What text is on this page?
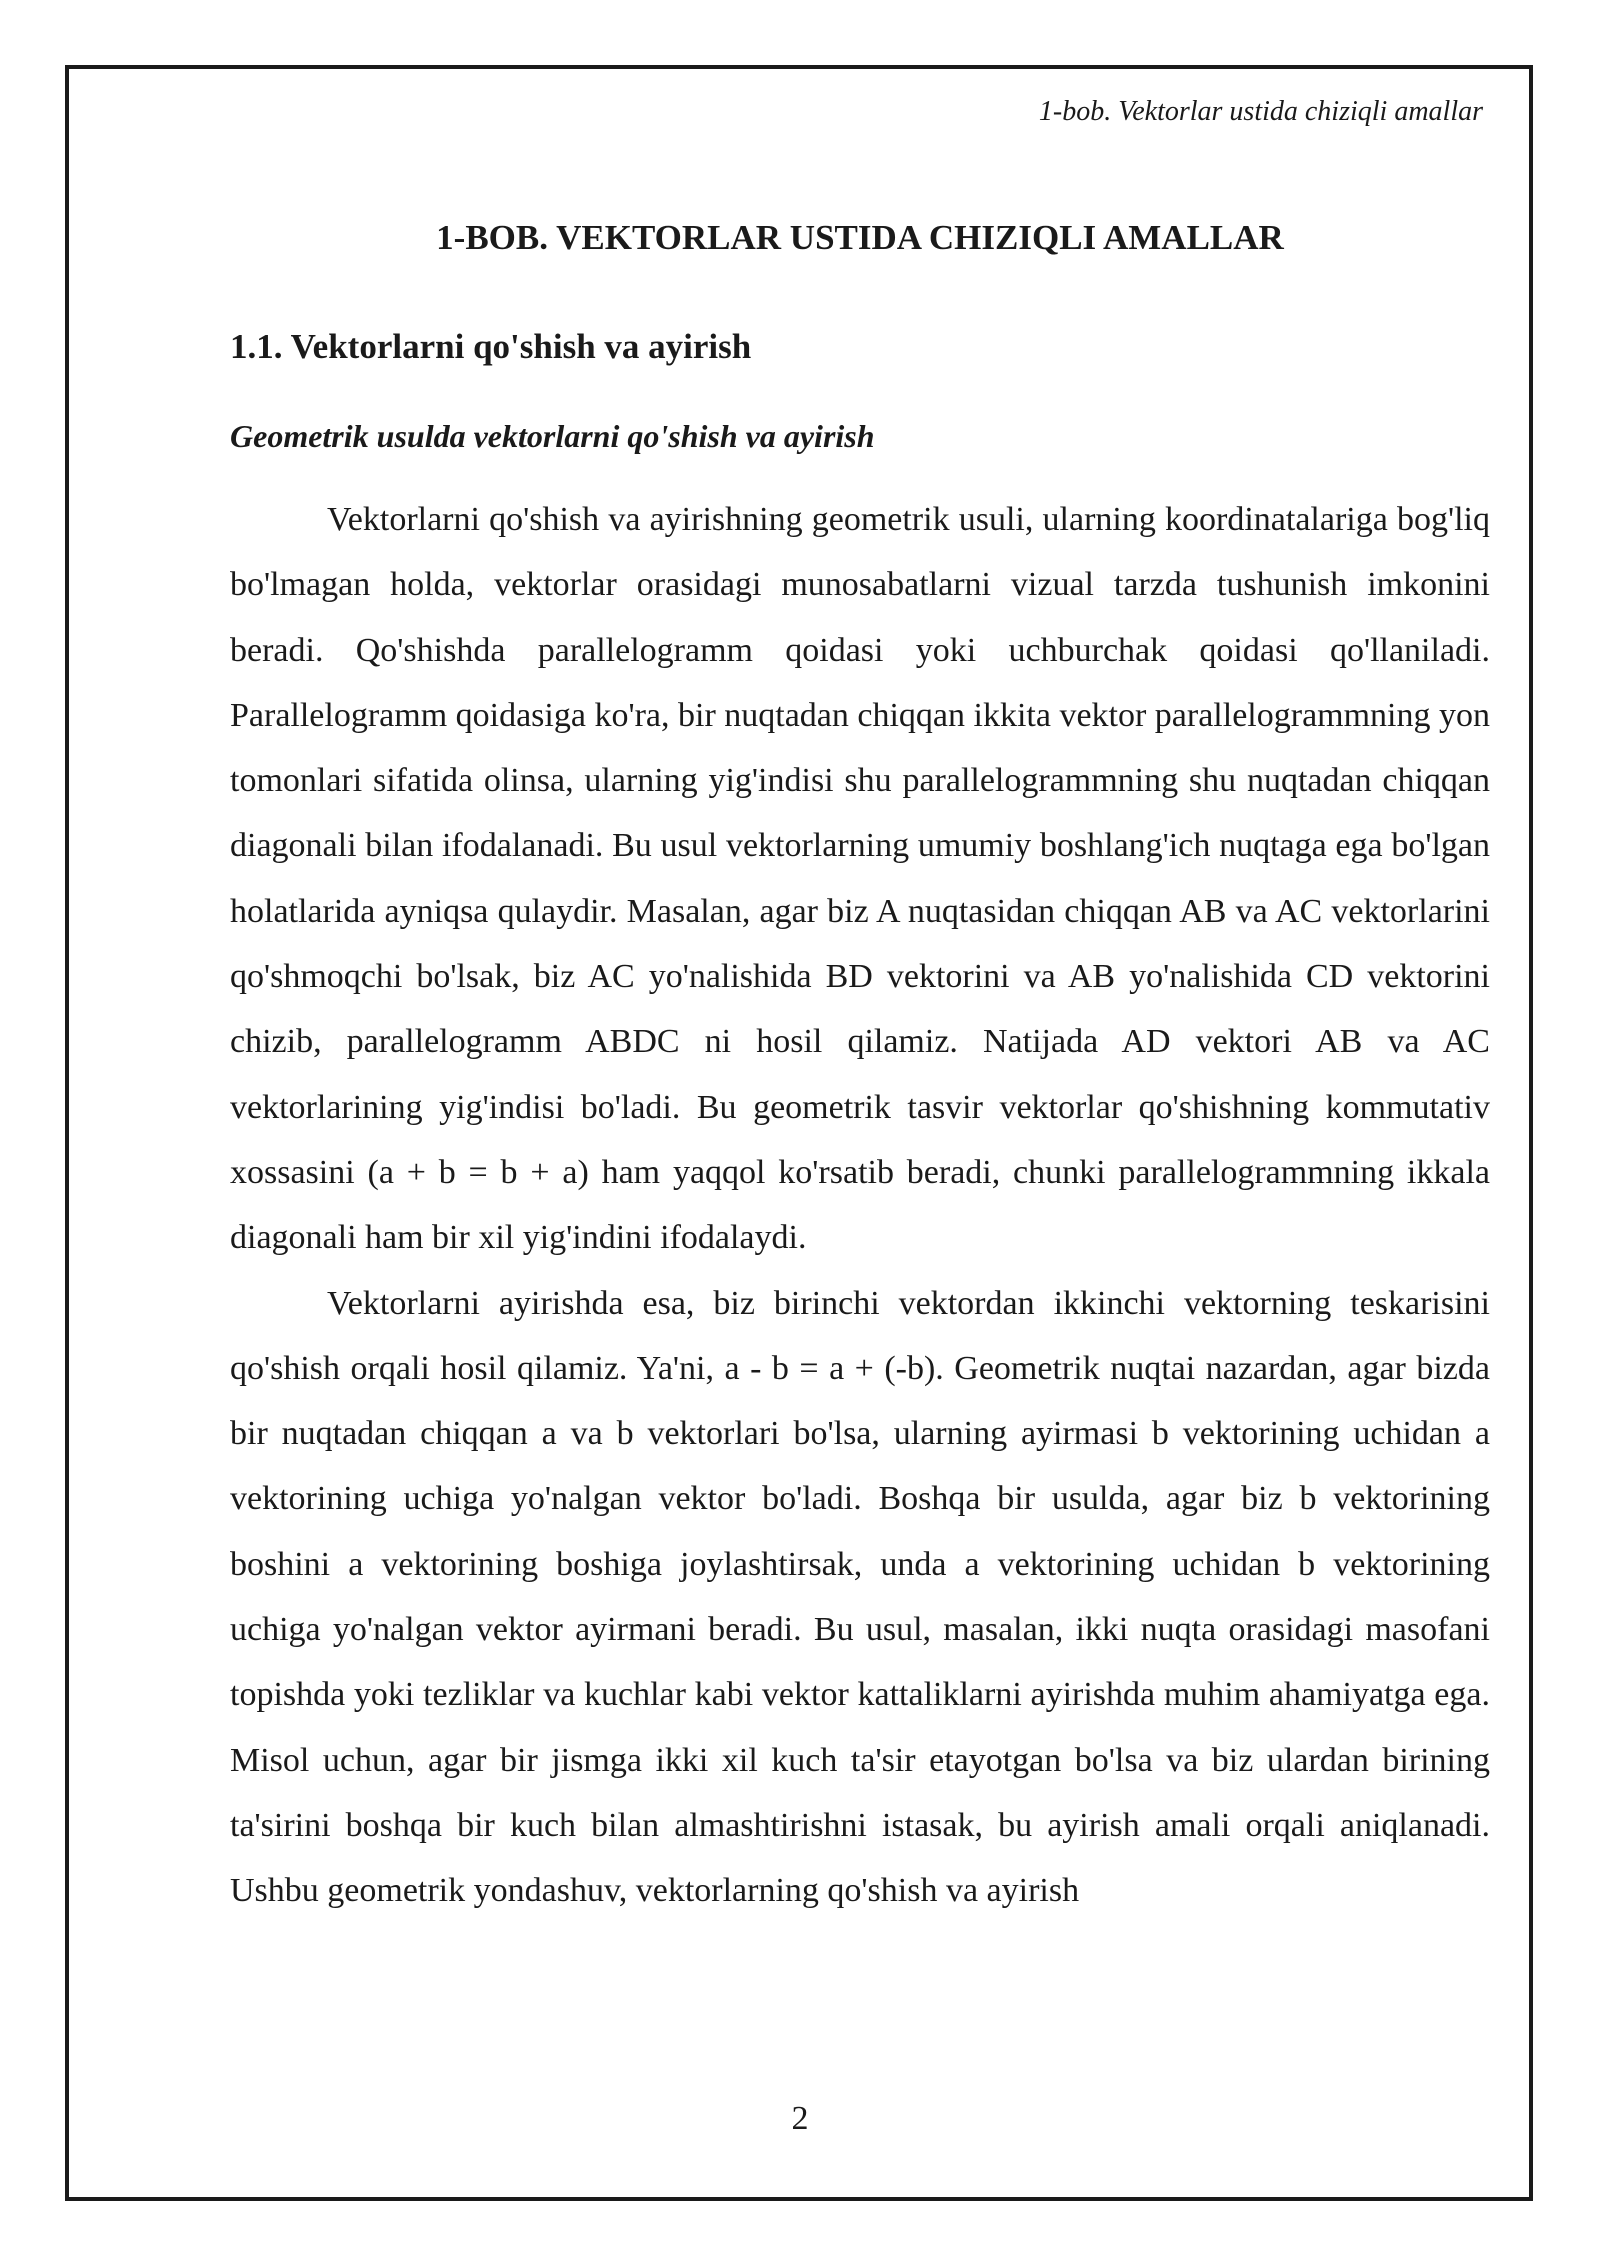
1-bob. Vektorlar ustida chiziqli amallar
1-BOB. VEKTORLAR USTIDA CHIZIQLI AMALLAR
1.1. Vektorlarni qo'shish va ayirish
Geometrik usulda vektorlarni qo'shish va ayirish

Vektorlarni qo'shish va ayirishning geometrik usuli, ularning koordinatalariga bog'liq bo'lmagan holda, vektorlar orasidagi munosabatlarni vizual tarzda tushunish imkonini beradi. Qo'shishda parallelogramm qoidasi yoki uchburchak qoidasi qo'llaniladi. Parallelogramm qoidasiga ko'ra, bir nuqtadan chiqqan ikkita vektor parallelogrammning yon tomonlari sifatida olinsa, ularning yig'indisi shu parallelogrammning shu nuqtadan chiqqan diagonali bilan ifodalanadi. Bu usul vektorlarning umumiy boshlang'ich nuqtaga ega bo'lgan holatlarida ayniqsa qulaydir. Masalan, agar biz A nuqtasidan chiqqan AB va AC vektorlarini qo'shmoqchi bo'lsak, biz AC yo'nalishida BD vektorini va AB yo'nalishida CD vektorini chizib, parallelogramm ABDC ni hosil qilamiz. Natijada AD vektori AB va AC vektorlarining yig'indisi bo'ladi. Bu geometrik tasvir vektorlar qo'shishning kommutativ xossasini (a + b = b + a) ham yaqqol ko'rsatib beradi, chunki parallelogrammning ikkala diagonali ham bir xil yig'indini ifodalaydi.

Vektorlarni ayirishda esa, biz birinchi vektordan ikkinchi vektorning teskarisini qo'shish orqali hosil qilamiz. Ya'ni, a - b = a + (-b). Geometrik nuqtai nazardan, agar bizda bir nuqtadan chiqqan a va b vektorlari bo'lsa, ularning ayirmasi b vektorining uchidan a vektorining uchiga yo'nalgan vektor bo'ladi. Boshqa bir usulda, agar biz b vektorining boshini a vektorining boshiga joylashtirsak, unda a vektorining uchidan b vektorining uchiga yo'nalgan vektor ayirmani beradi. Bu usul, masalan, ikki nuqta orasidagi masofani topishda yoki tezliklar va kuchlar kabi vektor kattaliklarni ayirishda muhim ahamiyatga ega. Misol uchun, agar bir jismga ikki xil kuch ta'sir etayotgan bo'lsa va biz ulardan birining ta'sirini boshqa bir kuch bilan almashtirishni istasak, bu ayirish amali orqali aniqlanadi. Ushbu geometrik yondashuv, vektorlarning qo'shish va ayirish

2
